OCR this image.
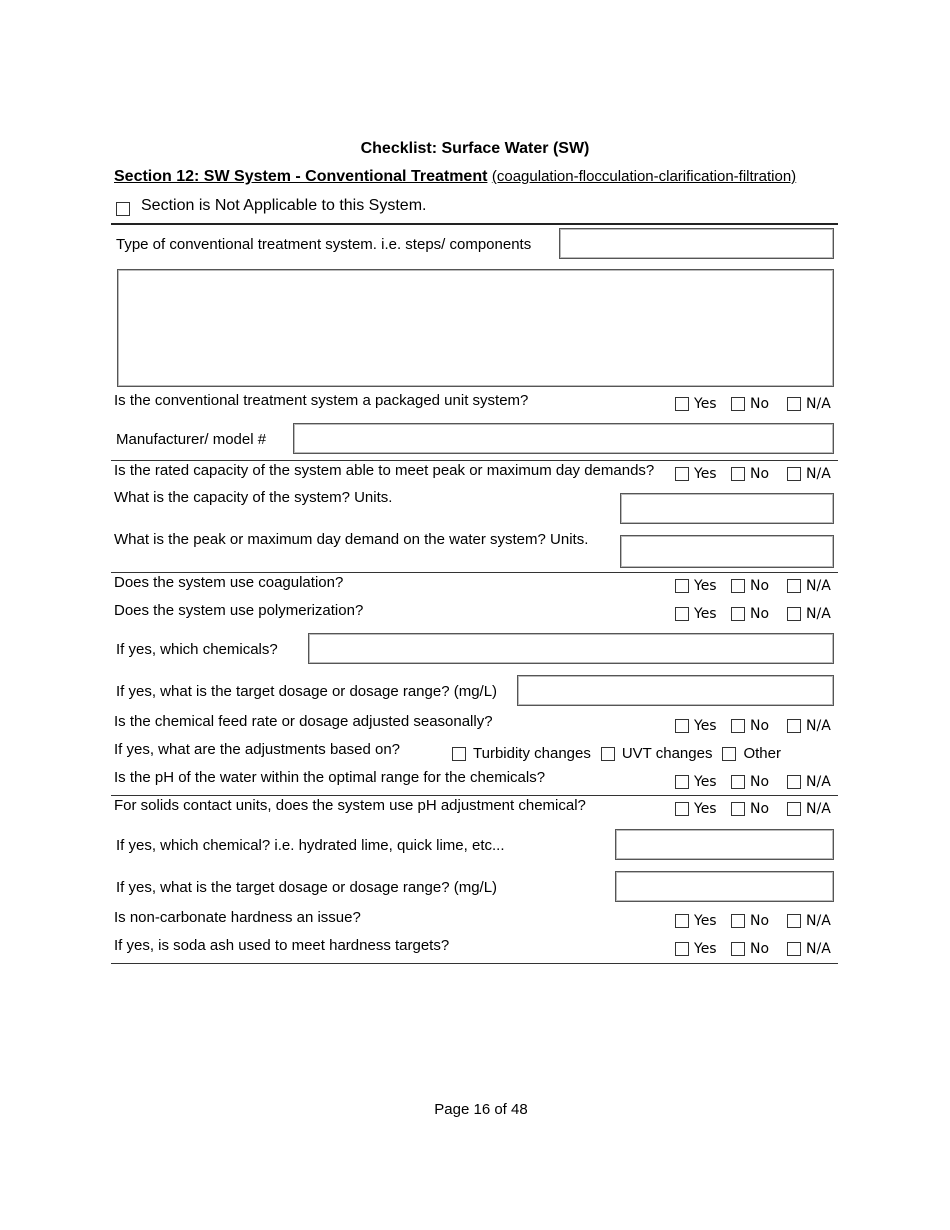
Checklist: Surface Water (SW)
Section 12: SW System - Conventional Treatment (coagulation-flocculation-clarification-filtration)
Section is Not Applicable to this System.
Type of conventional treatment system. i.e. steps/ components
Is the conventional treatment system a packaged unit system?	Yes No	N/A
Manufacturer/ model #
Is the rated capacity of the system able to meet peak or maximum day demands?	Yes No	N/A
What is the capacity of the system? Units.
What is the peak or maximum day demand on the water system? Units.
Does the system use coagulation?	Yes No	N/A
Does the system use polymerization?	Yes No	N/A
If yes, which chemicals?
If yes, what is the target dosage or dosage range? (mg/L)
Is the chemical feed rate or dosage adjusted seasonally?	Yes No	N/A
If yes, what are the adjustments based on?	Turbidity changes UVT changes Other
Is the pH of the water within the optimal range for the chemicals?	Yes No	N/A
For solids contact units, does the system use pH adjustment chemical?	Yes No	N/A
If yes, which chemical? i.e. hydrated lime, quick lime, etc...
If yes, what is the target dosage or dosage range? (mg/L)
Is non-carbonate hardness an issue?	Yes No	N/A
If yes, is soda ash used to meet hardness targets?	Yes No	N/A
Page 16 of 48
